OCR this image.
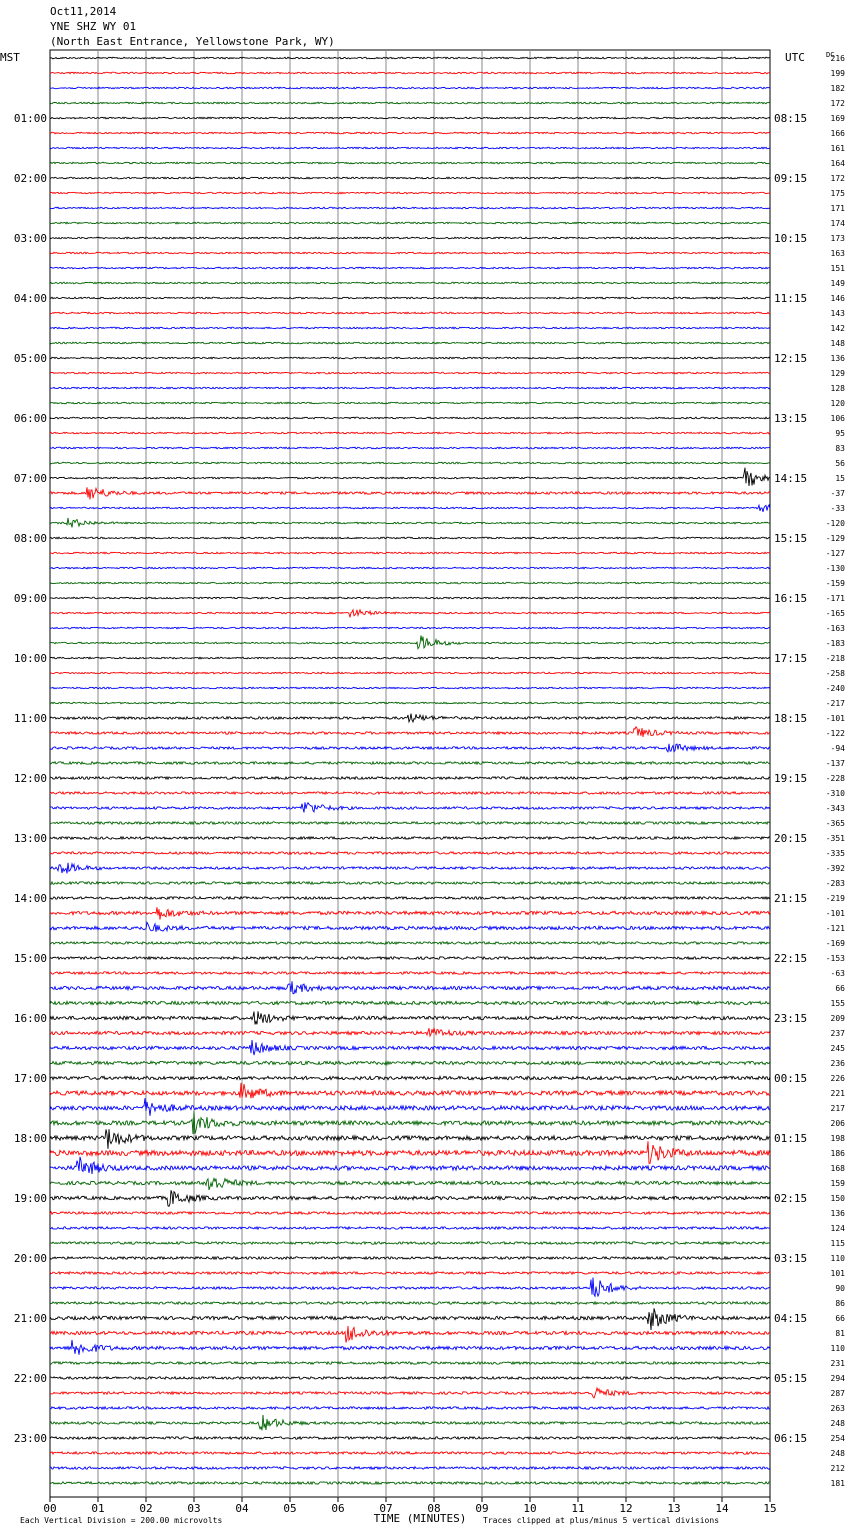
Oct11,2014
YNE SHZ WY 01
(North East Entrance, Yellowstone Park, WY)
216
199
182
172
169
166
161
164
172
175
171
174
173
163
151
149
146
143
142
148
136
129
128
120
106
95
83
56
15
-37
-33
-120
-129
-127
-130
-159
-171
-165
-163
-183
-218
-258
-240
-217
-101
-122
-94
-137
-228
-310
-343
-365
-351
-335
-392
-283
-219
-101
-121
-169
-153
-63
66
155
209
237
245
236
226
221
217
206
198
186
168
159
150
136
124
115
110
101
90
86
66
81
110
231
294
287
263
248
254
248
212
181
MST	UTC	DC
01:00
02:00
03:00
04:00
05:00
06:00
07:00
08:00
09:00
10:00
11:00
12:00
13:00
14:00
15:00
16:00
17:00
18:00
19:00
20:00
21:00
22:00
23:00
08:15
09:15
10:15
11:15
12:15
13:15
14:15
15:15
16:15
17:15
18:15
19:15
20:15
21:15
22:15
23:15
00:15
01:15
02:15
03:15
04:15
05:15
06:15
00	01	02	03	04	05	06	07	08	09	10	11	12	13	14	15
TIME (MINUTES)
Each Vertical Division = 200.00 microvolts	Traces clipped at plus/minus 5 vertical divisions
